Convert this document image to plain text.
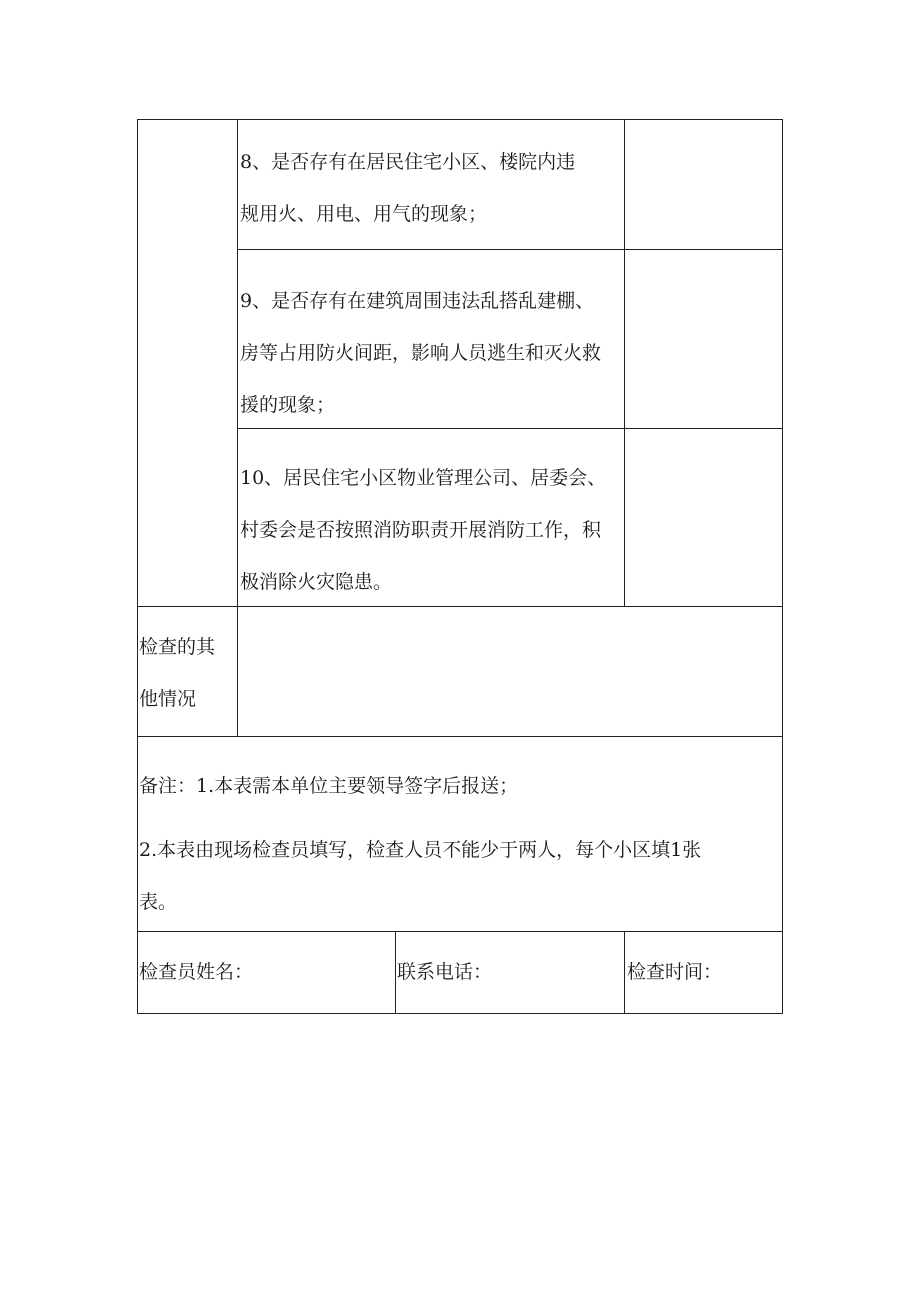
8、是否存有在居民住宅小区、楼院内违
规用火、用电、用气的现象；
9、是否存有在建筑周围违法乱搭乱建棚、
房等占用防火间距，影响人员逃生和灭火救
援的现象；
10、居民住宅小区物业管理公司、居委会、
村委会是否按照消防职责开展消防工作，积
极消除火灾隐患。
检查的其
他情况
备注：1.本表需本单位主要领导签字后报送；
2.本表由现场检查员填写，检查人员不能少于两人，每个小区填1张
表。
检查员姓名：	联系电话：	检查时间：
